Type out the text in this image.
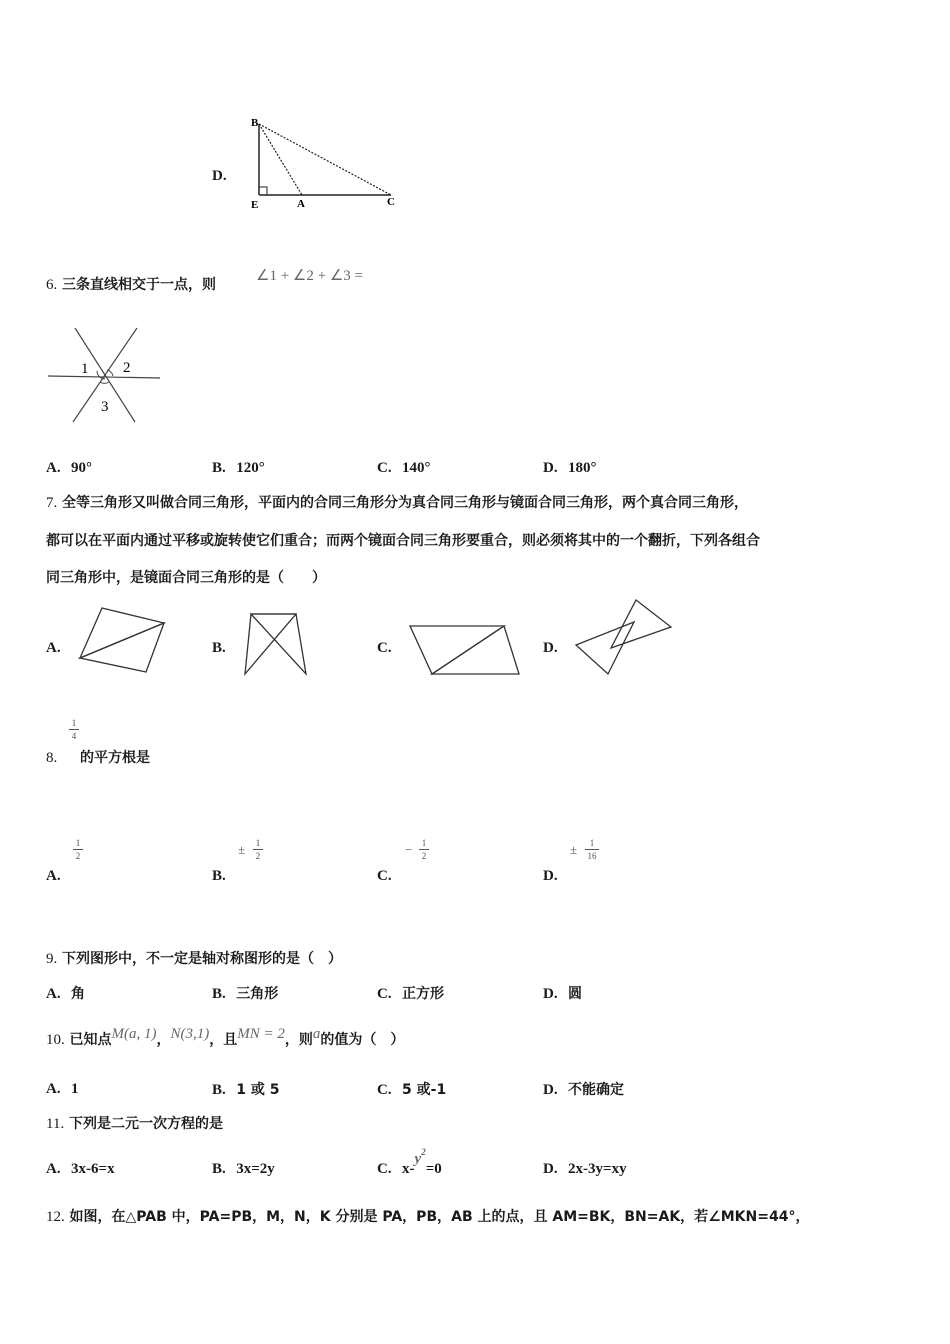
D.
B
E	A	C
6. 三条直线相交于一点，则
∠1 + ∠2 + ∠3 =
1 2
3
A. 90°	B. 120°	C. 140°	D. 180°
7. 全等三角形又叫做合同三角形，平面内的合同三角形分为真合同三角形与镜面合同三角形，两个真合同三角形，
都可以在平面内通过平移或旋转使它们重合；而两个镜面合同三角形要重合，则必须将其中的一个翻折，下列各组合
同三角形中，是镜面合同三角形的是（　　）
A.	B.	C.	D.
1
4
8. 的平方根是
A.
1
2
B.
±	1
2
C.
−	1
2
D.
±	1
16
9. 下列图形中，不一定是轴对称图形的是（　）
A. 角	B. 三角形	C. 正方形	D. 圆
10. 已知点M(a, 1)，N(3,1)，且MN = 2，则a的值为（　）
A. 1	B. 1 或 5	C. 5 或-1	D. 不能确定
11. 下列是二元一次方程的是
A. 3x-6=x	B. 3x=2y	C. $x-y^2=0$	D. 2x-3y=xy
12. 如图，在△PAB 中，PA=PB，M，N，K 分别是 PA，PB，AB 上的点，且 AM=BK，BN=AK，若∠MKN=44°，
